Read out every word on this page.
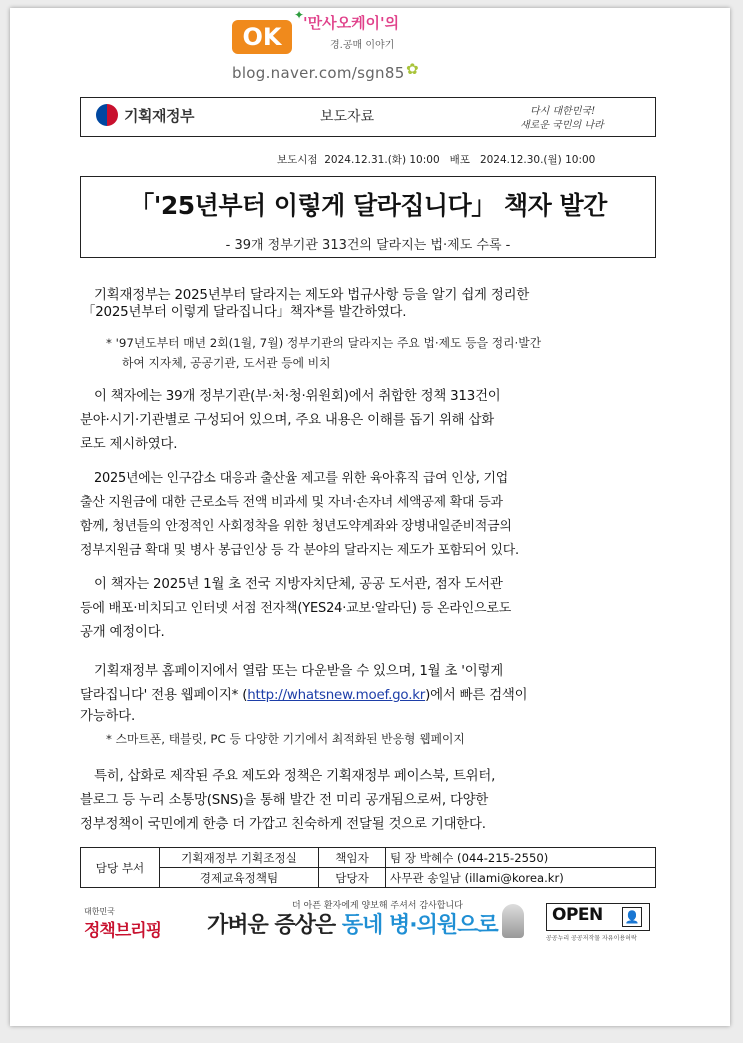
✦
OK	'만사오케이'의
경.공매 이야기
blog.naver.com/sgn85 ✿
기획재정부	보도자료	다시 대한민국!
새로운 국민의 나라
보도시점  2024.12.31.(화) 10:00   배포   2024.12.30.(월) 10:00
「'25년부터 이렇게 달라집니다」 책자 발간
- 39개 정부기관 313건의 달라지는 법·제도 수록 -
기획재정부는 2025년부터 달라지는 제도와 법규사항 등을 알기 쉽게 정리한
「2025년부터 이렇게 달라집니다」책자*를 발간하였다.
* '97년도부터 매년 2회(1월, 7월) 정부기관의 달라지는 주요 법·제도 등을 정리·발간
하여 지자체, 공공기관, 도서관 등에 비치
이 책자에는 39개 정부기관(부·처·청·위원회)에서 취합한 정책 313건이
분야·시기·기관별로 구성되어 있으며, 주요 내용은 이해를 돕기 위해 삽화
로도 제시하였다.
2025년에는 인구감소 대응과 출산율 제고를 위한 육아휴직 급여 인상, 기업
출산 지원금에 대한 근로소득 전액 비과세 및 자녀·손자녀 세액공제 확대 등과
함께, 청년들의 안정적인 사회정착을 위한 청년도약계좌와 장병내일준비적금의
정부지원금 확대 및 병사 봉급인상 등 각 분야의 달라지는 제도가 포함되어 있다.
이 책자는 2025년 1월 초 전국 지방자치단체, 공공 도서관, 점자 도서관
등에 배포·비치되고 인터넷 서점 전자책(YES24·교보·알라딘) 등 온라인으로도
공개 예정이다.
기획재정부 홈페이지에서 열람 또는 다운받을 수 있으며, 1월 초 '이렇게
달라집니다' 전용 웹페이지* (http://whatsnew.moef.go.kr)에서 빠른 검색이
가능하다.
* 스마트폰, 태블릿, PC 등 다양한 기기에서 최적화된 반응형 웹페이지
특히, 삽화로 제작된 주요 제도와 정책은 기획재정부 페이스북, 트위터,
블로그 등 누리 소통망(SNS)을 통해 발간 전 미리 공개됨으로써, 다양한
정부정책이 국민에게 한층 더 가깝고 친숙하게 전달될 것으로 기대한다.
담당 부서	기획재정부 기획조정실	책임자	팀 장 박혜수 (044-215-2550)
	경제교육정책팀	담당자	사무관 송일남 (illami@korea.kr)
대한민국
정책브리핑
더 아픈 환자에게 양보해 주셔서 감사합니다
가벼운 증상은 동네 병·의원으로	OPEN 👤
공공누리 공공저작물 자유이용허락
